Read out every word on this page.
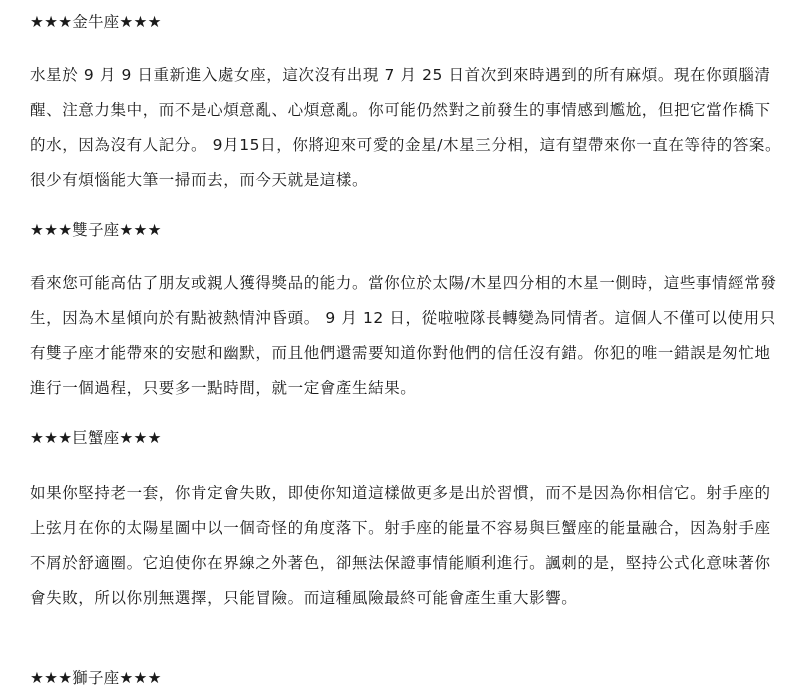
★★★金牛座★★★

水星於 9 月 9 日重新進入處女座，這次沒有出現 7 月 25 日首次到來時遇到的所有麻煩。現在你頭腦清醒、注意力集中，而不是心煩意亂、心煩意亂。你可能仍然對之前發生的事情感到尷尬，但把它當作橋下的水，因為沒有人記分。 9月15日，你將迎來可愛的金星/木星三分相，這有望帶來你一直在等待的答案。很少有煩惱能大筆一掃而去，而今天就是這樣。

★★★雙子座★★★

看來您可能高估了朋友或親人獲得獎品的能力。當你位於太陽/木星四分相的木星一側時，這些事情經常發生，因為木星傾向於有點被熱情沖昏頭。 9 月 12 日，從啦啦隊長轉變為同情者。這個人不僅可以使用只有雙子座才能帶來的安慰和幽默，而且他們還需要知道你對他們的信任沒有錯。你犯的唯一錯誤是匆忙地進行一個過程，只要多一點時間，就一定會產生結果。

★★★巨蟹座★★★

如果你堅持老一套，你肯定會失敗，即使你知道這樣做更多是出於習慣，而不是因為你相信它。射手座的上弦月在你的太陽星圖中以一個奇怪的角度落下。射手座的能量不容易與巨蟹座的能量融合，因為射手座不屑於舒適圈。它迫使你在界線之外著色，卻無法保證事情能順利進行。諷刺的是，堅持公式化意味著你會失敗，所以你別無選擇，只能冒險。而這種風險最終可能會產生重大影響。

★★★獅子座★★★
